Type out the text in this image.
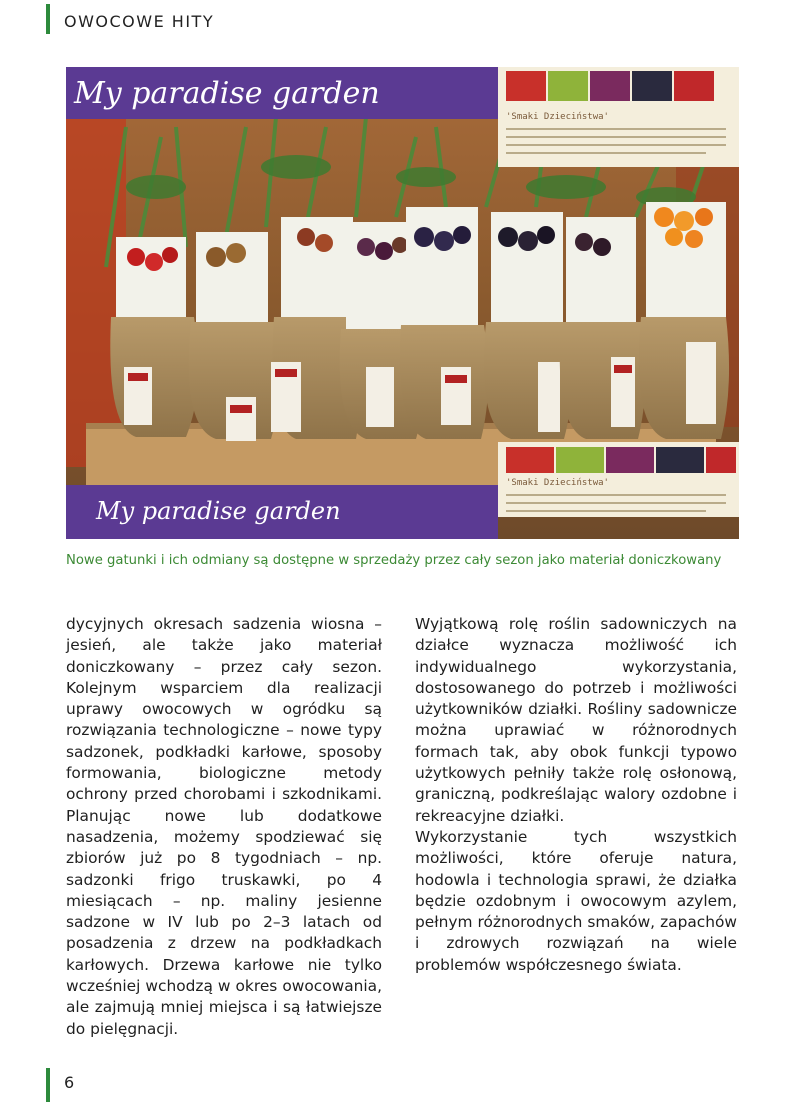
OWOCOWE HITY
My paradise garden
'Smaki Dzieciństwa'
'Smaki Dzieciństwa'
My paradise garden
Nowe gatunki i ich odmiany są dostępne w sprzedaży przez cały sezon jako materiał doniczkowany

dycyjnych okresach sadzenia wiosna – jesień, ale także jako materiał doniczkowany – przez cały sezon. Kolejnym wsparciem dla realizacji uprawy owocowych w ogródku są rozwiązania technologiczne – nowe typy sadzonek, podkładki karłowe, sposoby formowania, biologiczne metody ochrony przed chorobami i szkodnikami. Planując nowe lub dodatkowe nasadzenia, możemy spodziewać się zbiorów już po 8 tygodniach – np. sadzonki frigo truskawki, po 4 miesiącach – np. maliny jesienne sadzone w IV lub po 2–3 latach od posadzenia z drzew na podkładkach karłowych. Drzewa karłowe nie tylko wcześniej wchodzą w okres owocowania, ale zajmują mniej miejsca i są łatwiejsze do pielęgnacji.

Wyjątkową rolę roślin sadowniczych na działce wyznacza możliwość ich indywidualnego wykorzystania, dostosowanego do potrzeb i możliwości użytkowników działki. Rośliny sadownicze można uprawiać w różnorodnych formach tak, aby obok funkcji typowo użytkowych pełniły także rolę osłonową, graniczną, podkreślając walory ozdobne i rekreacyjne działki.

Wykorzystanie tych wszystkich możliwości, które oferuje natura, hodowla i technologia sprawi, że działka będzie ozdobnym i owocowym azylem, pełnym różnorodnych smaków, zapachów i zdrowych rozwiązań na wiele problemów współczesnego świata.

6
